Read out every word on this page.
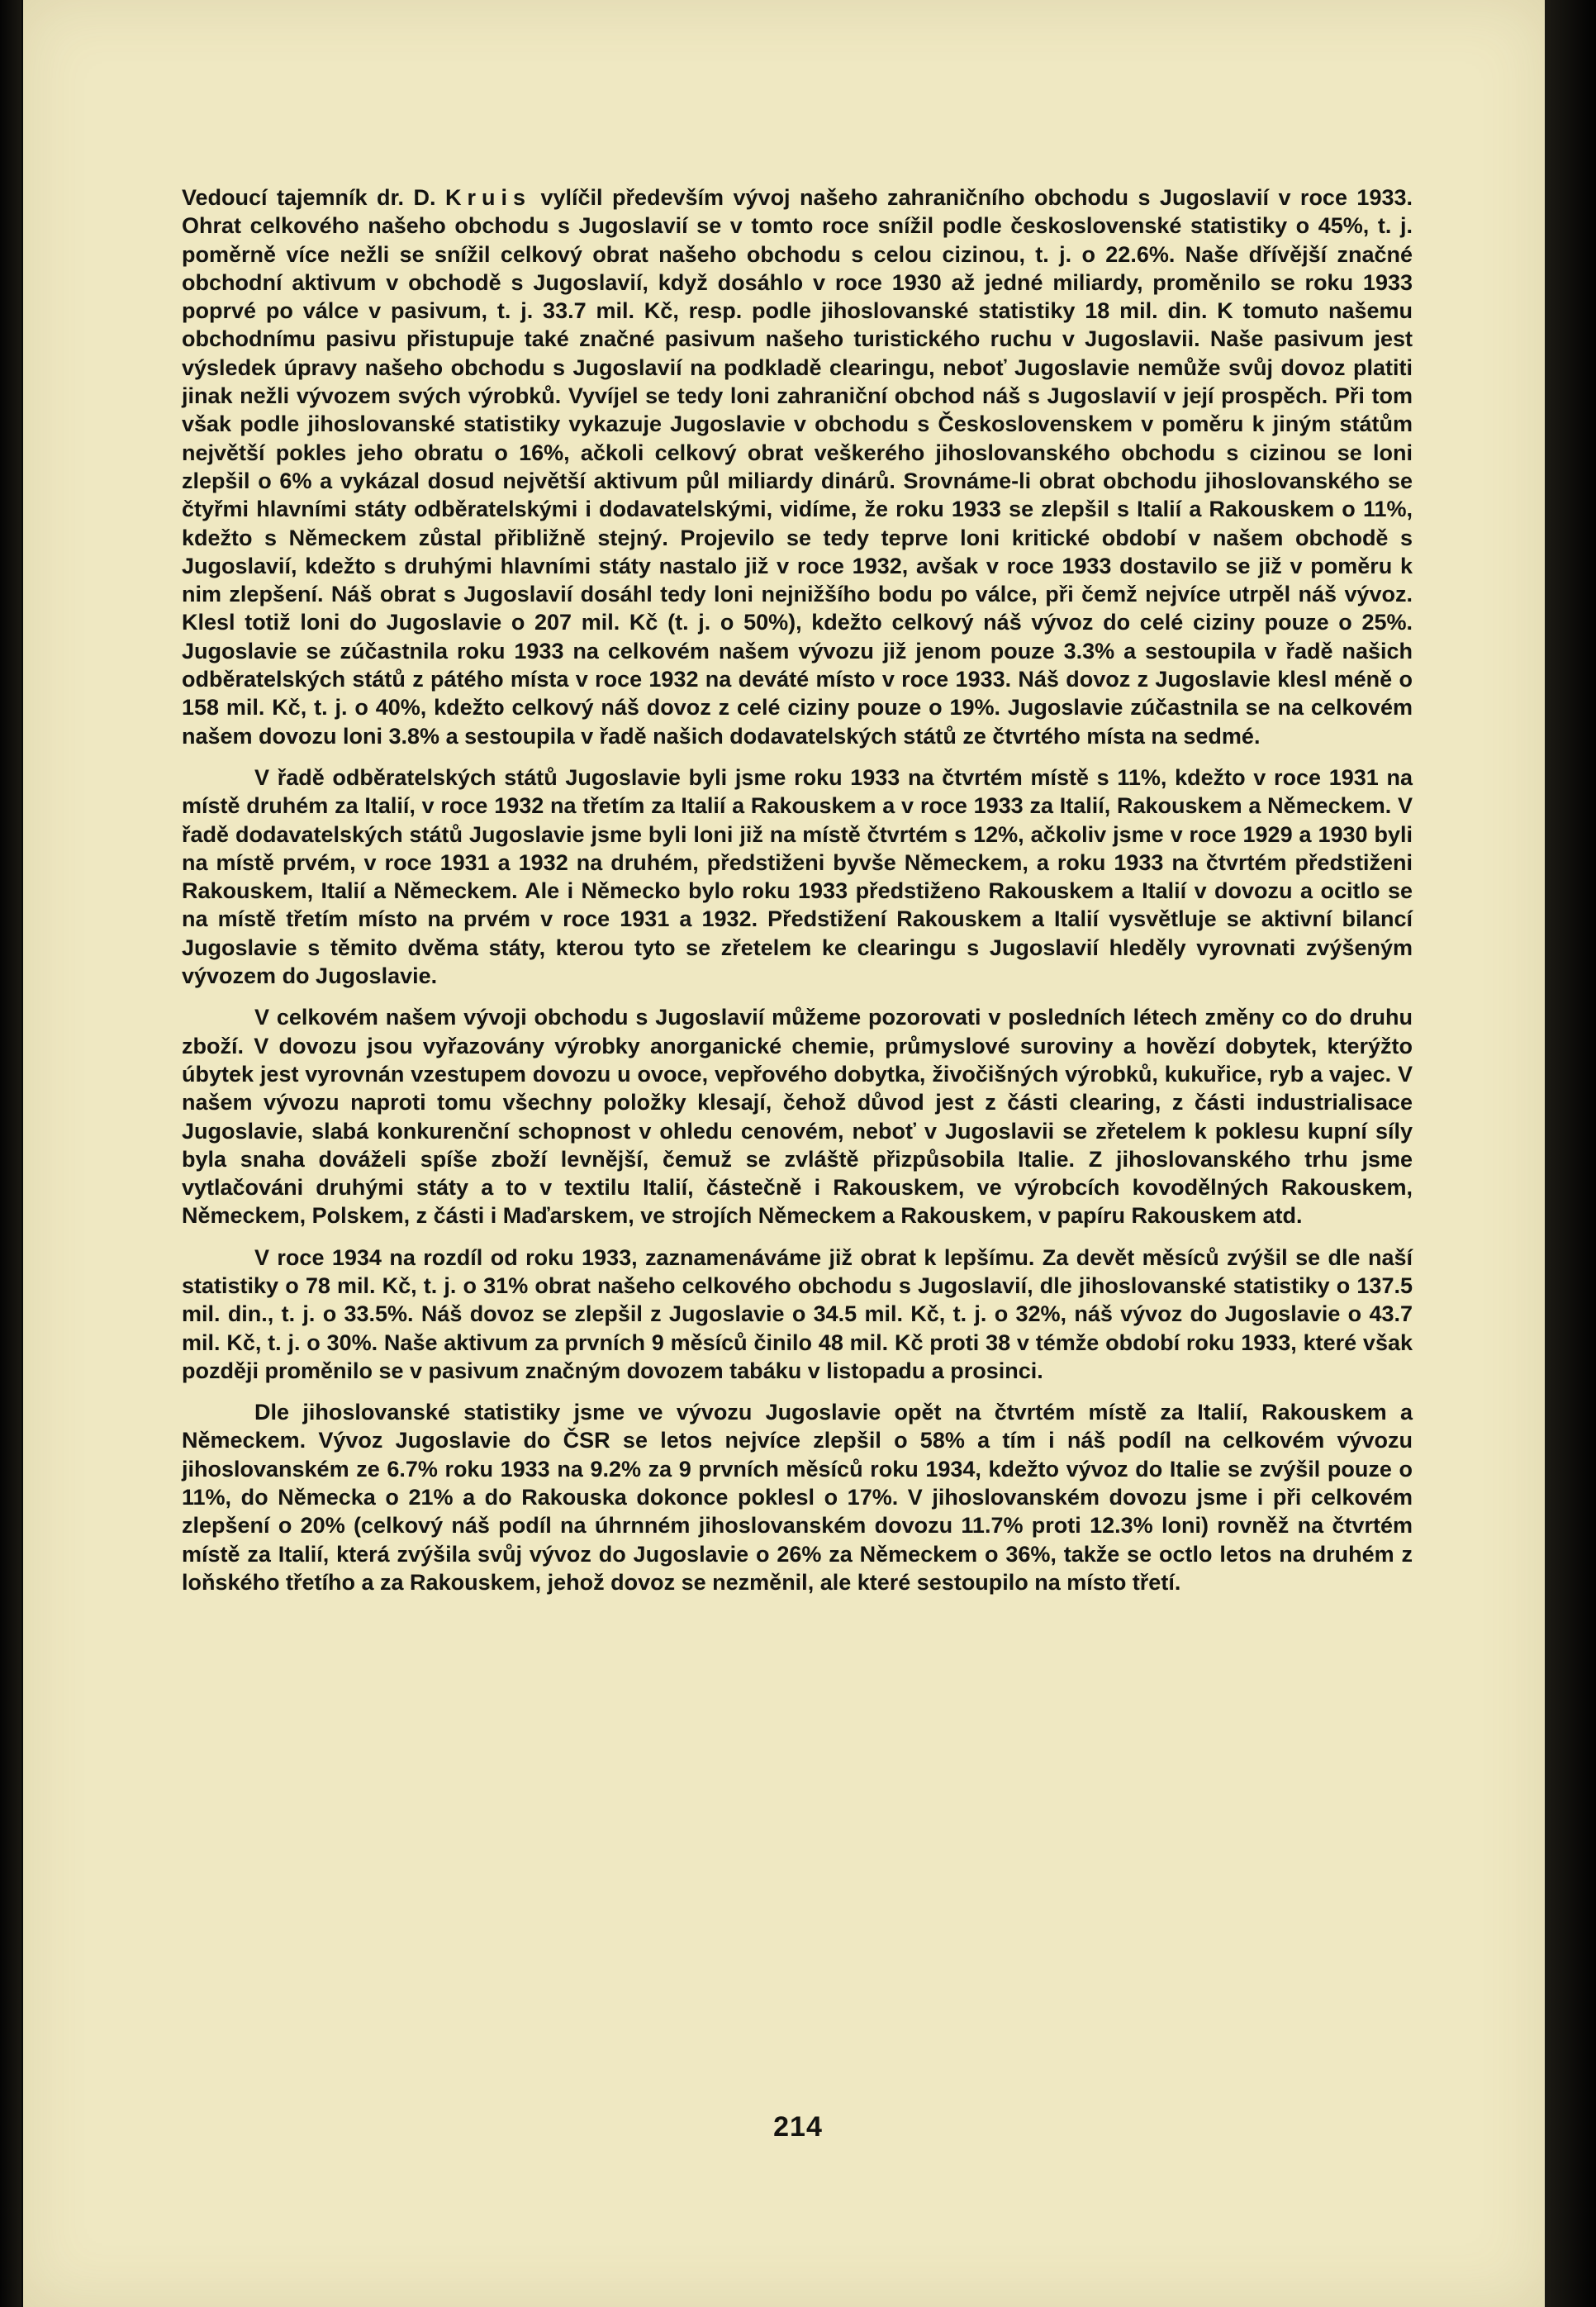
Vedoucí tajemník dr. D. Kruis vylíčil především vývoj našeho zahraničního obchodu s Jugoslavií v roce 1933. Ohrat celkového našeho obchodu s Jugoslavií se v tomto roce snížil podle československé statistiky o 45%, t. j. poměrně více nežli se snížil celkový obrat našeho obchodu s celou cizinou, t. j. o 22.6%. Naše dřívější značné obchodní aktivum v obchodě s Jugoslavií, když dosáhlo v roce 1930 až jedné miliardy, proměnilo se roku 1933 poprvé po válce v pasivum, t. j. 33.7 mil. Kč, resp. podle jihoslovanské statistiky 18 mil. din. K tomuto našemu obchodnímu pasivu přistupuje také značné pasivum našeho turistického ruchu v Jugoslavii. Naše pasivum jest výsledek úpravy našeho obchodu s Jugoslavií na podkladě clearingu, neboť Jugoslavie nemůže svůj dovoz platiti jinak nežli vývozem svých výrobků. Vyvíjel se tedy loni zahraniční obchod náš s Jugoslavií v její prospěch. Při tom však podle jihoslovanské statistiky vykazuje Jugoslavie v obchodu s Československem v poměru k jiným státům největší pokles jeho obratu o 16%, ačkoli celkový obrat veškerého jihoslovanského obchodu s cizinou se loni zlepšil o 6% a vykázal dosud největší aktivum půl miliardy dinárů. Srovnáme-li obrat obchodu jihoslovanského se čtyřmi hlavními státy odběratelskými i dodavatelskými, vidíme, že roku 1933 se zlepšil s Italií a Rakouskem o 11%, kdežto s Německem zůstal přibližně stejný. Projevilo se tedy teprve loni kritické období v našem obchodě s Jugoslavií, kdežto s druhými hlavními státy nastalo již v roce 1932, avšak v roce 1933 dostavilo se již v poměru k nim zlepšení. Náš obrat s Jugoslavií dosáhl tedy loni nejnižšího bodu po válce, při čemž nejvíce utrpěl náš vývoz. Klesl totiž loni do Jugoslavie o 207 mil. Kč (t. j. o 50%), kdežto celkový náš vývoz do celé ciziny pouze o 25%. Jugoslavie se zúčastnila roku 1933 na celkovém našem vývozu již jenom pouze 3.3% a sestoupila v řadě našich odběratelských států z pátého místa v roce 1932 na deváté místo v roce 1933. Náš dovoz z Jugoslavie klesl méně o 158 mil. Kč, t. j. o 40%, kdežto celkový náš dovoz z celé ciziny pouze o 19%. Jugoslavie zúčastnila se na celkovém našem dovozu loni 3.8% a sestoupila v řadě našich dodavatelských států ze čtvrtého místa na sedmé.

V řadě odběratelských států Jugoslavie byli jsme roku 1933 na čtvrtém místě s 11%, kdežto v roce 1931 na místě druhém za Italií, v roce 1932 na třetím za Italií a Rakouskem a v roce 1933 za Italií, Rakouskem a Německem. V řadě dodavatelských států Jugoslavie jsme byli loni již na místě čtvrtém s 12%, ačkoliv jsme v roce 1929 a 1930 byli na místě prvém, v roce 1931 a 1932 na druhém, předstiženi byvše Německem, a roku 1933 na čtvrtém předstiženi Rakouskem, Italií a Německem. Ale i Německo bylo roku 1933 předstiženo Rakouskem a Italií v dovozu a ocitlo se na místě třetím místo na prvém v roce 1931 a 1932. Předstižení Rakouskem a Italií vysvětluje se aktivní bilancí Jugoslavie s těmito dvěma státy, kterou tyto se zřetelem ke clearingu s Jugoslavií hleděly vyrovnati zvýšeným vývozem do Jugoslavie.

V celkovém našem vývoji obchodu s Jugoslavií můžeme pozorovati v posledních létech změny co do druhu zboží. V dovozu jsou vyřazovány výrobky anorganické chemie, průmyslové suroviny a hovězí dobytek, kterýžto úbytek jest vyrovnán vzestupem dovozu u ovoce, vepřového dobytka, živočišných výrobků, kukuřice, ryb a vajec. V našem vývozu naproti tomu všechny položky klesají, čehož důvod jest z části clearing, z části industrialisace Jugoslavie, slabá konkurenční schopnost v ohledu cenovém, neboť v Jugoslavii se zřetelem k poklesu kupní síly byla snaha dováželi spíše zboží levnější, čemuž se zvláště přizpůsobila Italie. Z jihoslovanského trhu jsme vytlačováni druhými státy a to v textilu Italií, částečně i Rakouskem, ve výrobcích kovodělných Rakouskem, Německem, Polskem, z části i Maďarskem, ve strojích Německem a Rakouskem, v papíru Rakouskem atd.

V roce 1934 na rozdíl od roku 1933, zaznamenáváme již obrat k lepšímu. Za devět měsíců zvýšil se dle naší statistiky o 78 mil. Kč, t. j. o 31% obrat našeho celkového obchodu s Jugoslavií, dle jihoslovanské statistiky o 137.5 mil. din., t. j. o 33.5%. Náš dovoz se zlepšil z Jugoslavie o 34.5 mil. Kč, t. j. o 32%, náš vývoz do Jugoslavie o 43.7 mil. Kč, t. j. o 30%. Naše aktivum za prvních 9 měsíců činilo 48 mil. Kč proti 38 v témže období roku 1933, které však později proměnilo se v pasivum značným dovozem tabáku v listopadu a prosinci.

Dle jihoslovanské statistiky jsme ve vývozu Jugoslavie opět na čtvrtém místě za Italií, Rakouskem a Německem. Vývoz Jugoslavie do ČSR se letos nejvíce zlepšil o 58% a tím i náš podíl na celkovém vývozu jihoslovanském ze 6.7% roku 1933 na 9.2% za 9 prvních měsíců roku 1934, kdežto vývoz do Italie se zvýšil pouze o 11%, do Německa o 21% a do Rakouska dokonce poklesl o 17%. V jihoslovanském dovozu jsme i při celkovém zlepšení o 20% (celkový náš podíl na úhrnném jihoslovanském dovozu 11.7% proti 12.3% loni) rovněž na čtvrtém místě za Italií, která zvýšila svůj vývoz do Jugoslavie o 26% za Německem o 36%, takže se octlo letos na druhém z loňského třetího a za Rakouskem, jehož dovoz se nezměnil, ale které sestoupilo na místo třetí.

214
